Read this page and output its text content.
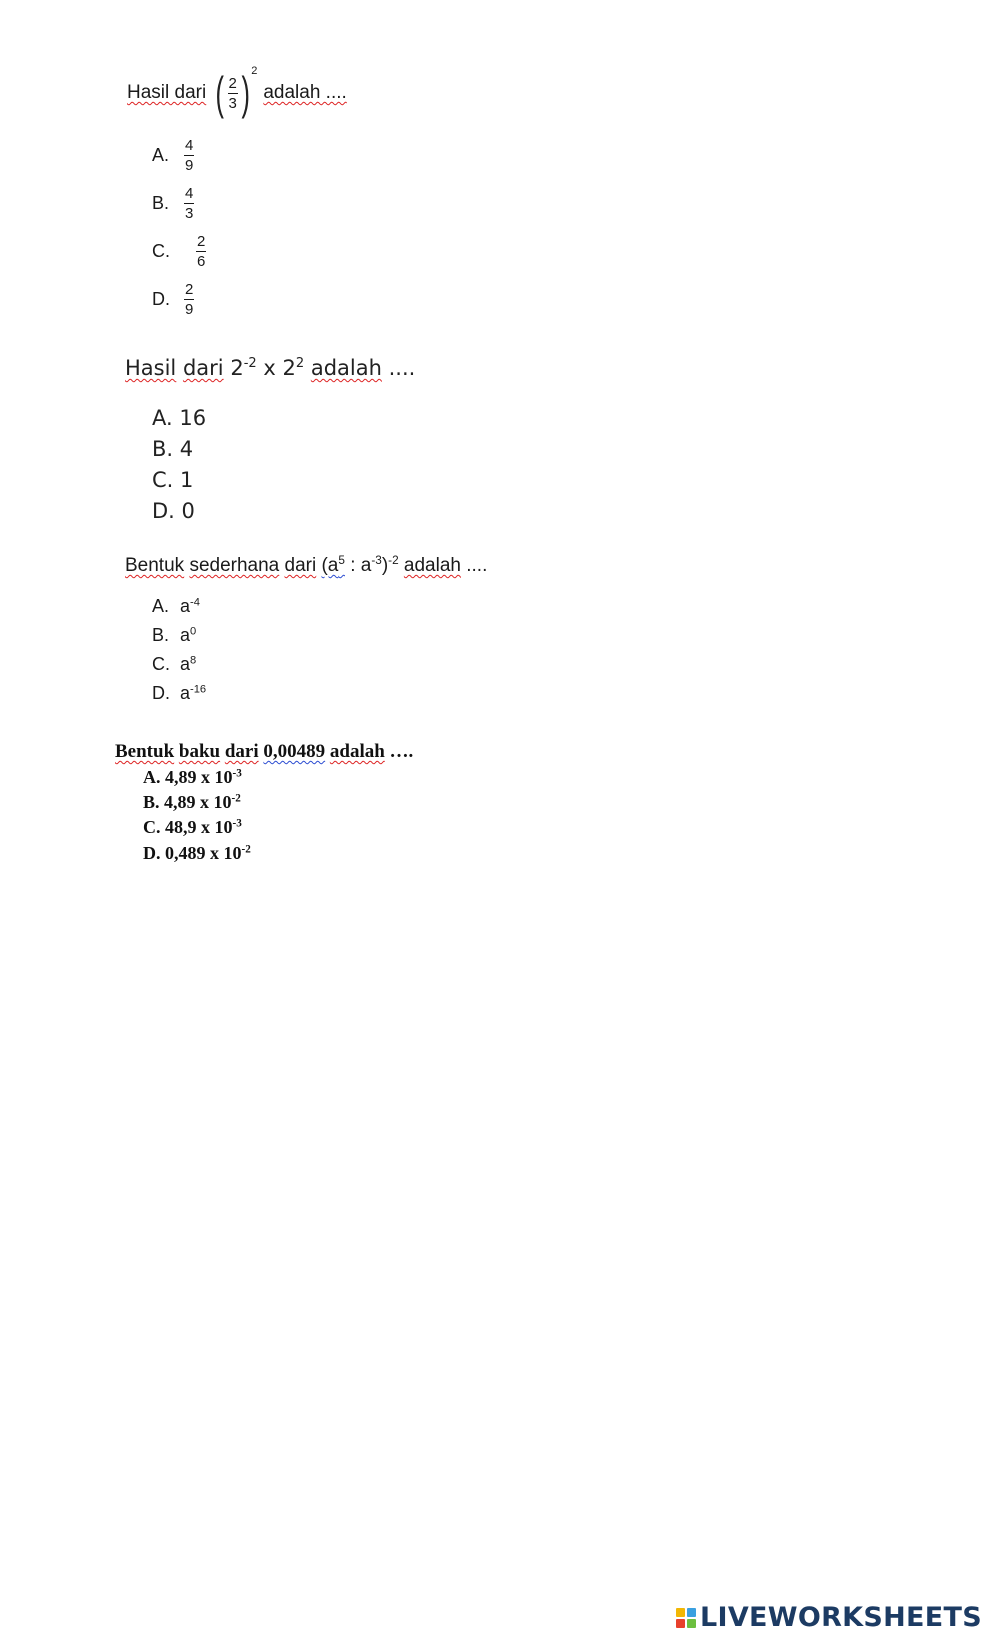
Hasil dari ( $\frac{2}{3}$ ) 2
adalah ....
A. $\frac{4}{9}$
B. $\frac{4}{3}$
C.	$\frac{2}{6}$
D. $\frac{2}{9}$
Hasil dari $2^{-2}$ x $2^2$ adalah ....
A. 16
B. 4
C. 1
D. 0
Bentuk sederhana dari ($a^5$ : $a^{-3})^{-2}$ adalah ....
A. $a^{-4}$
B. $a^0$
C. $a^8$
D. $a^{-16}$
Bentuk baku dari 0,00489 adalah ….
A. 4,89 x $10^{-3}$
B. 4,89 x $10^{-2}$
C. 48,9 x $10^{-3}$
D. 0,489 x $10^{-2}$
LIVEWORKSHEETS
